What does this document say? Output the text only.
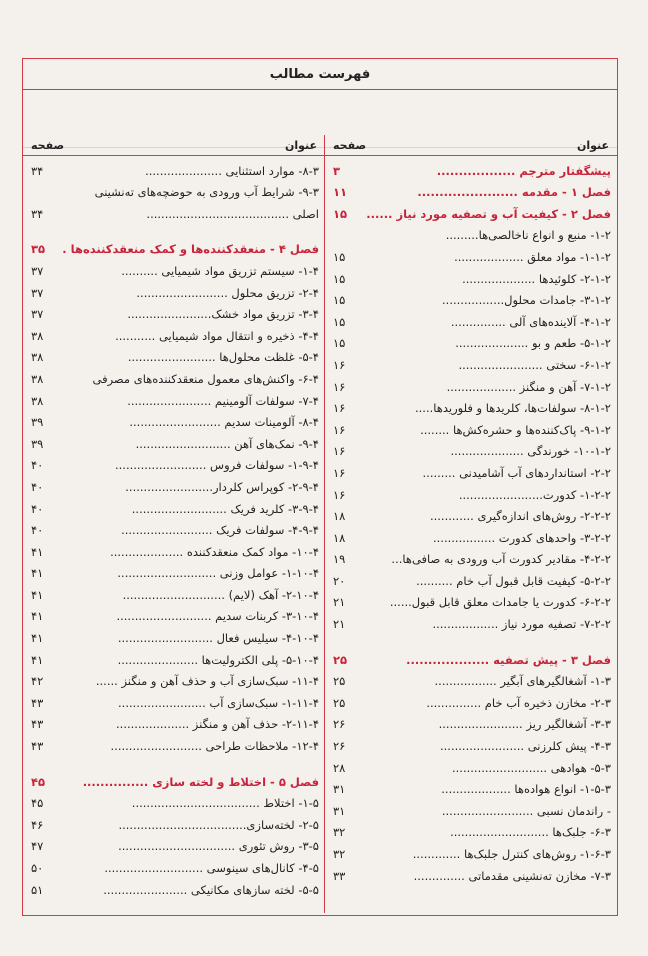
فهرست مطالب
عنوان
صفحه
پیشگفتار مترجم ..................
۳
فصل ۱ - مقدمه .......................
۱۱
فصل ۲ - کیفیت آب و تصفیه مورد نیاز ......
۱۵
۱-۲- منبع و انواع ناخالصی‌ها.........
۱-۱-۲- مواد معلق ...................
۱۵
۲-۱-۲- کلوئیدها ....................
۱۵
۳-۱-۲- جامدات محلول.................
۱۵
۴-۱-۲- آلاینده‌های آلی ...............
۱۵
۵-۱-۲- طعم و بو ....................
۱۵
۶-۱-۲- سختی .......................
۱۶
۷-۱-۲- آهن و منگنز ...................
۱۶
۸-۱-۲- سولفات‌ها، کلریدها و فلوریدها.....
۱۶
۹-۱-۲- پاک‌کننده‌ها و حشره‌کش‌ها ........
۱۶
۱۰-۱-۲- خورندگی ....................
۱۶
۲-۲- استانداردهای آب آشامیدنی .........
۱۶
۱-۲-۲- کدورت.......................
۱۶
۲-۲-۲- روش‌های اندازه‌گیری ............
۱۸
۳-۲-۲- واحدهای کدورت .................
۱۸
۴-۲-۲- مقادیر کدورت آب ورودی به صافی‌ها...
۱۹
۵-۲-۲- کیفیت قابل قبول آب خام ..........
۲۰
۶-۲-۲- کدورت یا جامدات معلق قابل قبول......
۲۱
۷-۲-۲- تصفیه مورد نیاز ..................
۲۱
فصل ۳ - پیش تصفیه ...................
۲۵
۱-۳- آشغالگیرهای آبگیر .................
۲۵
۲-۳- مخازن ذخیره آب خام ...............
۲۵
۳-۳- آشغالگیر ریز .......................
۲۶
۴-۳- پیش کلرزنی .......................
۲۶
۵-۳- هوادهی ..........................
۲۸
۱-۵-۳- انواع هواده‌ها ...................
۳۱
- راندمان نسبی .........................
۳۱
۶-۳- جلبک‌ها ...........................
۳۲
۱-۶-۳- روش‌های کنترل جلبک‌ها .............
۳۲
۷-۳- مخازن ته‌نشینی مقدماتی ..............
۳۳
عنوان
صفحه
۸-۳- موارد استثنایی .....................
۳۴
۹-۳- شرایط آب ورودی به حوضچه‌های ته‌نشینی
اصلی .......................................
۳۴
فصل ۴ - منعقدکننده‌ها و کمک منعقدکننده‌ها .
۳۵
۱-۴- سیستم تزریق مواد شیمیایی ..........
۳۷
۲-۴- تزریق محلول .........................
۳۷
۳-۴- تزریق مواد خشک.......................
۳۷
۴-۴- ذخیره و انتقال مواد شیمیایی ...........
۳۸
۵-۴- غلظت محلول‌ها ........................
۳۸
۶-۴- واکنش‌های معمول منعقدکننده‌های مصرفی
۳۸
۷-۴- سولفات آلومینیم .......................
۳۸
۸-۴- آلومینات سدیم .........................
۳۹
۹-۴- نمک‌های آهن ..........................
۳۹
۱-۹-۴- سولفات فروس .........................
۴۰
۲-۹-۴- کوپراس کلردار........................
۴۰
۳-۹-۴- کلرید فریک ..........................
۴۰
۴-۹-۴- سولفات فریک .........................
۴۰
۱۰-۴- مواد کمک منعقدکننده ....................
۴۱
۱-۱۰-۴- عوامل وزنی ...........................
۴۱
۲-۱۰-۴- آهک (لایم) ............................
۴۱
۳-۱۰-۴- کربنات سدیم ..........................
۴۱
۴-۱۰-۴- سیلیس فعال ..........................
۴۱
۵-۱۰-۴- پلی الکترولیت‌ها ......................
۴۱
۱۱-۴- سبک‌سازی آب و حذف آهن و منگنز ......
۴۲
۱-۱۱-۴- سبک‌سازی آب ........................
۴۳
۲-۱۱-۴- حذف آهن و منگنز ....................
۴۳
۱۲-۴- ملاحظات طراحی .........................
۴۳
فصل ۵ - اختلاط و لخته سازی ...............
۴۵
۱-۵- اختلاط ...................................
۴۵
۲-۵- لخته‌سازی...................................
۴۶
۳-۵- روش تئوری ................................
۴۷
۴-۵- کانال‌های سینوسی ...........................
۵۰
۵-۵- لخته سازهای مکانیکی .......................
۵۱
